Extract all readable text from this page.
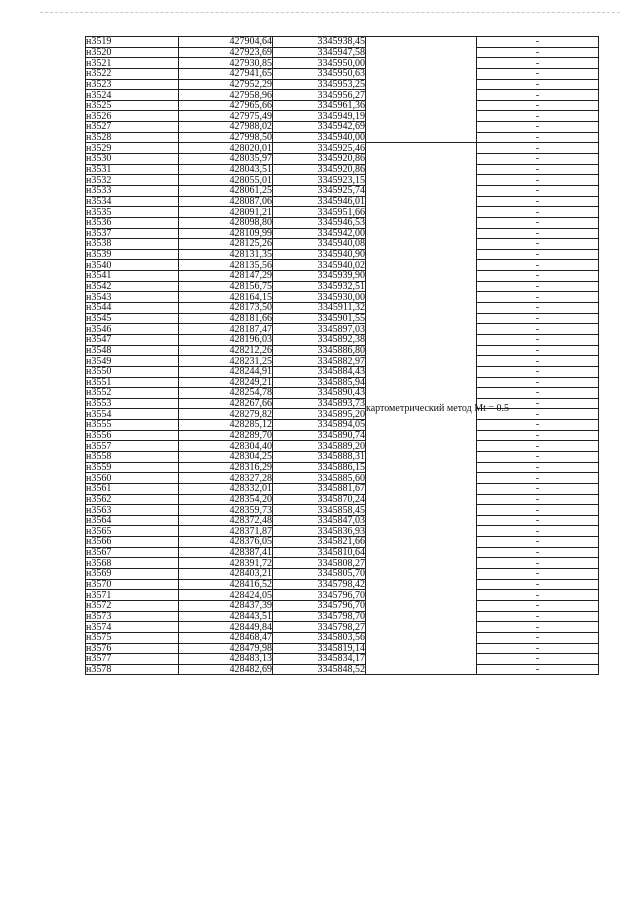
н3519	427904,64	3345938,45		-
н3520	427923,69	3345947,58		-
н3521	427930,85	3345950,00		-
н3522	427941,65	3345950,63		-
н3523	427952,29	3345953,25		-
н3524	427958,96	3345956,27		-
н3525	427965,66	3345961,36		-
н3526	427975,49	3345949,19		-
н3527	427988,02	3345942,69		-
н3528	427998,50	3345940,00		-
н3529	428020,01	3345925,46	картометрический метод Mt = 0.5	-
н3530	428035,97	3345920,86		-
н3531	428043,51	3345920,86		-
н3532	428055,01	3345923,15		-
н3533	428061,25	3345925,74		-
н3534	428087,06	3345946,01		-
н3535	428091,21	3345951,66		-
н3536	428098,80	3345946,53		-
н3537	428109,99	3345942,00		-
н3538	428125,26	3345940,08		-
н3539	428131,35	3345940,90		-
н3540	428135,56	3345940,02		-
н3541	428147,29	3345939,90		-
н3542	428156,75	3345932,51		-
н3543	428164,15	3345930,00		-
н3544	428173,50	3345911,32		-
н3545	428181,66	3345901,55		-
н3546	428187,47	3345897,03		-
н3547	428196,03	3345892,38		-
н3548	428212,26	3345886,80		-
н3549	428231,25	3345882,97		-
н3550	428244,91	3345884,43		-
н3551	428249,21	3345885,94		-
н3552	428254,78	3345890,43		-
н3553	428267,66	3345893,73		-
н3554	428279,82	3345895,20		-
н3555	428285,12	3345894,05		-
н3556	428289,70	3345890,74		-
н3557	428304,40	3345889,20		-
н3558	428304,25	3345888,31		-
н3559	428316,29	3345886,15		-
н3560	428327,28	3345885,60		-
н3561	428332,01	3345881,67		-
н3562	428354,20	3345870,24		-
н3563	428359,73	3345858,45		-
н3564	428372,48	3345847,03		-
н3565	428371,87	3345836,93		-
н3566	428376,05	3345821,66		-
н3567	428387,41	3345810,64		-
н3568	428391,72	3345808,27		-
н3569	428403,21	3345805,70		-
н3570	428416,52	3345798,42		-
н3571	428424,05	3345796,70		-
н3572	428437,39	3345796,70		-
н3573	428443,51	3345798,70		-
н3574	428449,84	3345798,27		-
н3575	428468,47	3345803,56		-
н3576	428479,98	3345819,14		-
н3577	428483,13	3345834,17		-
н3578	428482,69	3345848,52		-
